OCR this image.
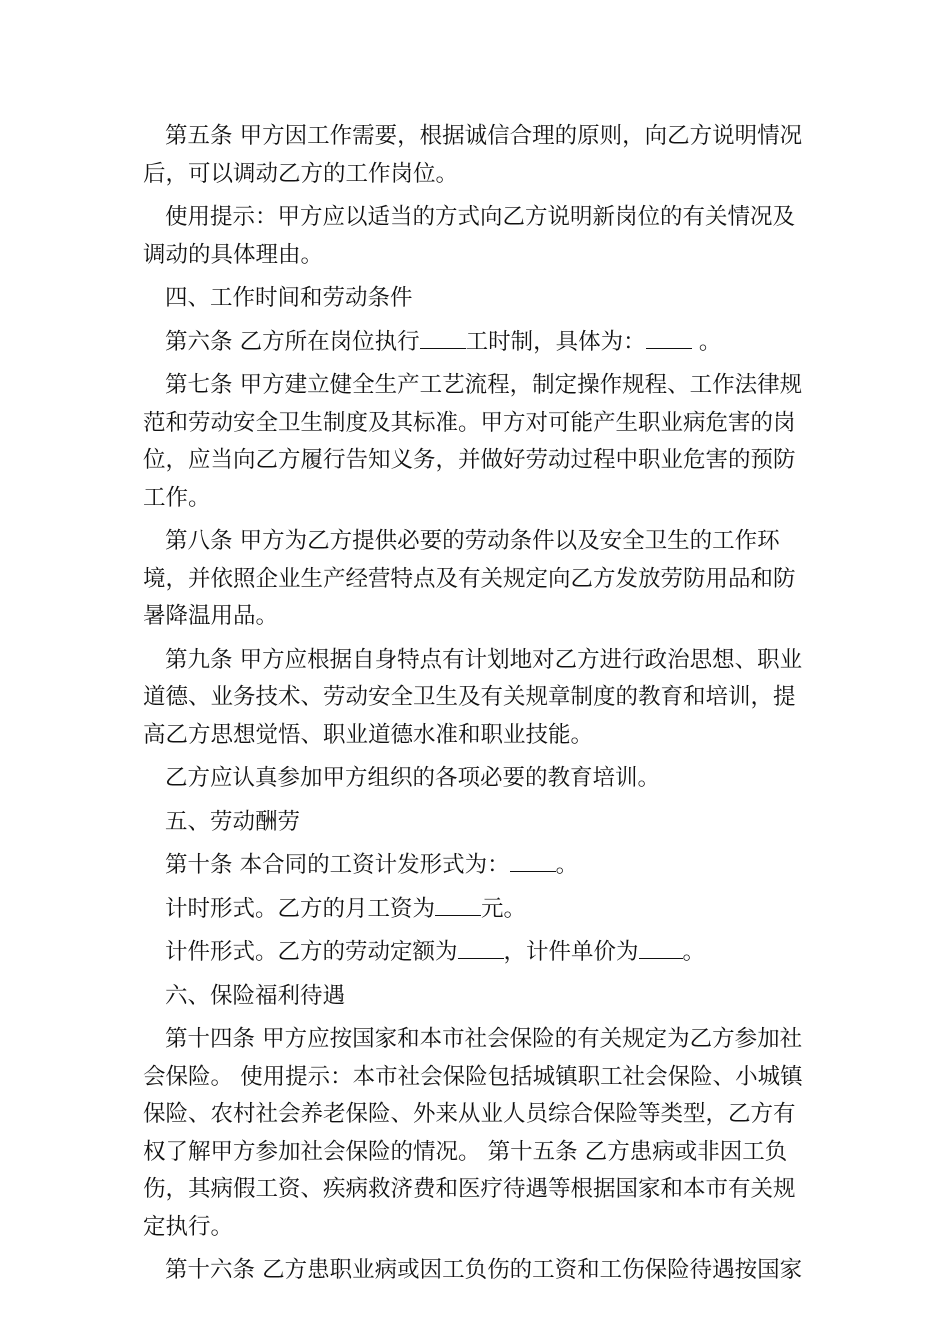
第五条 甲方因工作需要，根据诚信合理的原则，向乙方说明情况后，可以调动乙方的工作岗位。

使用提示：甲方应以适当的方式向乙方说明新岗位的有关情况及调动的具体理由。

四、工作时间和劳动条件

第六条 乙方所在岗位执行 工时制，具体为： 。

第七条 甲方建立健全生产工艺流程，制定操作规程、工作法律规范和劳动安全卫生制度及其标准。甲方对可能产生职业病危害的岗位，应当向乙方履行告知义务，并做好劳动过程中职业危害的预防工作。

第八条 甲方为乙方提供必要的劳动条件以及安全卫生的工作环境，并依照企业生产经营特点及有关规定向乙方发放劳防用品和防暑降温用品。

第九条 甲方应根据自身特点有计划地对乙方进行政治思想、职业道德、业务技术、劳动安全卫生及有关规章制度的教育和培训，提高乙方思想觉悟、职业道德水准和职业技能。

乙方应认真参加甲方组织的各项必要的教育培训。

五、劳动酬劳

第十条 本合同的工资计发形式为： 。

计时形式。乙方的月工资为 元。

计件形式。乙方的劳动定额为 ，计件单价为 。

六、保险福利待遇

第十四条 甲方应按国家和本市社会保险的有关规定为乙方参加社会保险。 使用提示：本市社会保险包括城镇职工社会保险、小城镇保险、农村社会养老保险、外来从业人员综合保险等类型，乙方有权了解甲方参加社会保险的情况。 第十五条 乙方患病或非因工负伤，其病假工资、疾病救济费和医疗待遇等根据国家和本市有关规定执行。

第十六条 乙方患职业病或因工负伤的工资和工伤保险待遇按国家
